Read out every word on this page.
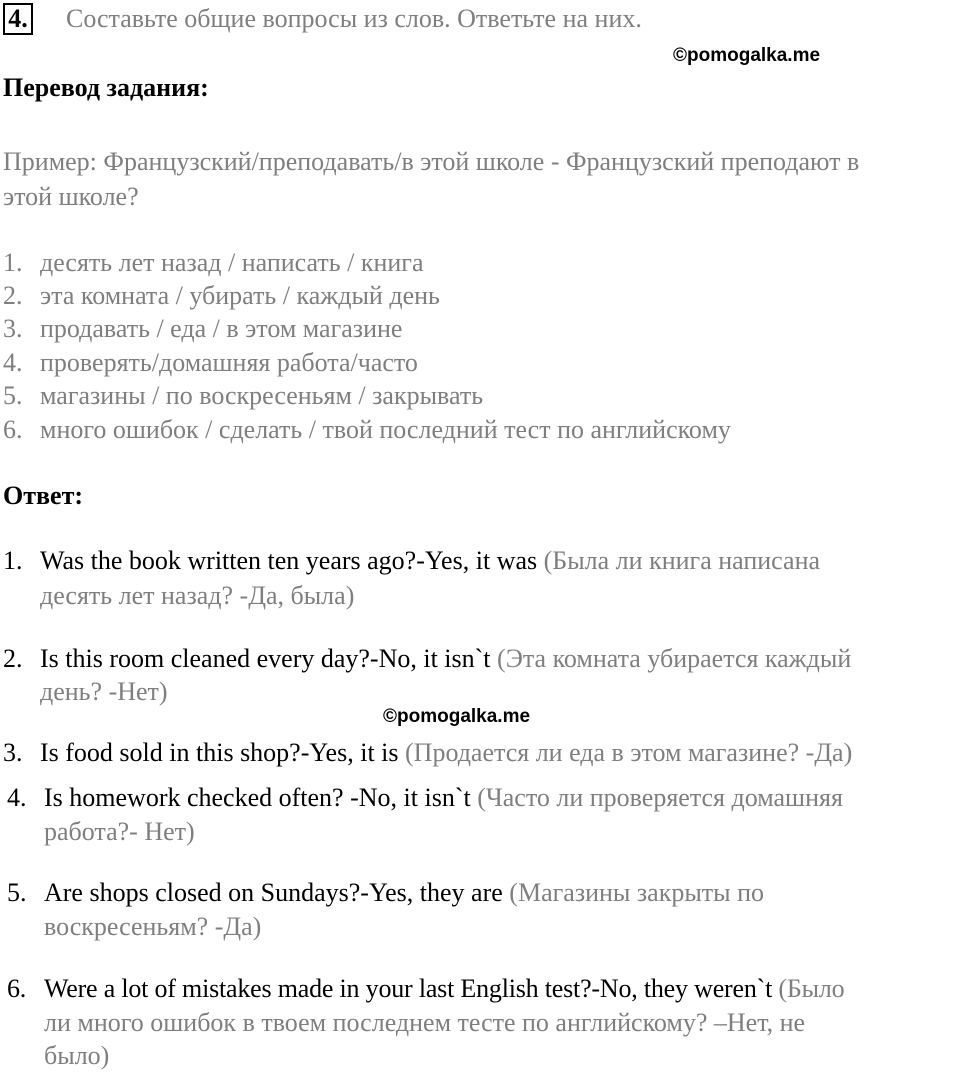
4. Составьте общие вопросы из слов. Ответьте на них.
©pomogalka.me
Перевод задания:
Пример: Французский/преподавать/в этой школе - Французский преподают в
этой школе?
1. десять лет назад / написать / книга
2. эта комната / убирать / каждый день
3. продавать / еда / в этом магазине
4. проверять/домашняя работа/часто
5. магазины / по воскресеньям / закрывать
6. много ошибок / сделать / твой последний тест по английскому
Ответ:
1. Was the book written ten years ago?-Yes, it was (Была ли книга написана
десять лет назад? -Да, была)
2. Is this room cleaned every day?-No, it isn`t (Эта комната убирается каждый
день? -Нет)
©pomogalka.me
3. Is food sold in this shop?-Yes, it is (Продается ли еда в этом магазине? -Да)
4. Is homework checked often? -No, it isn`t (Часто ли проверяется домашняя
работа?- Нет)
5. Are shops closed on Sundays?-Yes, they are (Магазины закрыты по
воскресеньям? -Да)
6. Were a lot of mistakes made in your last English test?-No, they weren`t (Было
ли много ошибок в твоем последнем тесте по английскому? –Нет, не
было)
